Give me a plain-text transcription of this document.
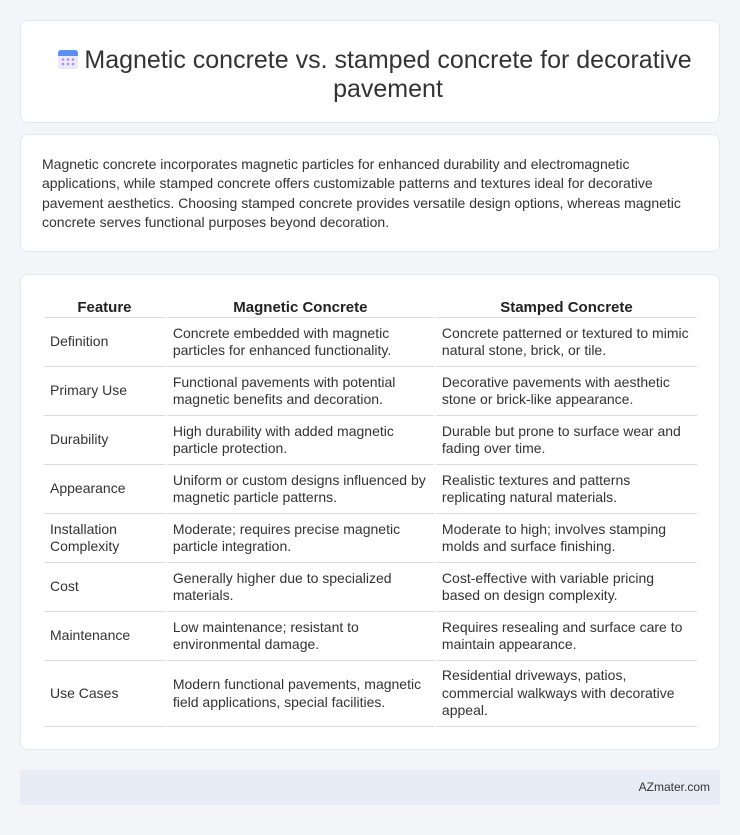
Magnetic concrete vs. stamped concrete for decorative pavement

Magnetic concrete incorporates magnetic particles for enhanced durability and electromagnetic applications, while stamped concrete offers customizable patterns and textures ideal for decorative pavement aesthetics. Choosing stamped concrete provides versatile design options, whereas magnetic concrete serves functional purposes beyond decoration.

Feature	Magnetic Concrete	Stamped Concrete
Definition	Concrete embedded with magnetic particles for enhanced functionality.	Concrete patterned or textured to mimic natural stone, brick, or tile.
Primary Use	Functional pavements with potential magnetic benefits and decoration.	Decorative pavements with aesthetic stone or brick-like appearance.
Durability	High durability with added magnetic particle protection.	Durable but prone to surface wear and fading over time.
Appearance	Uniform or custom designs influenced by magnetic particle patterns.	Realistic textures and patterns replicating natural materials.
Installation Complexity	Moderate; requires precise magnetic particle integration.	Moderate to high; involves stamping molds and surface finishing.
Cost	Generally higher due to specialized materials.	Cost-effective with variable pricing based on design complexity.
Maintenance	Low maintenance; resistant to environmental damage.	Requires resealing and surface care to maintain appearance.
Use Cases	Modern functional pavements, magnetic field applications, special facilities.	Residential driveways, patios, commercial walkways with decorative appeal.
AZmater.com
